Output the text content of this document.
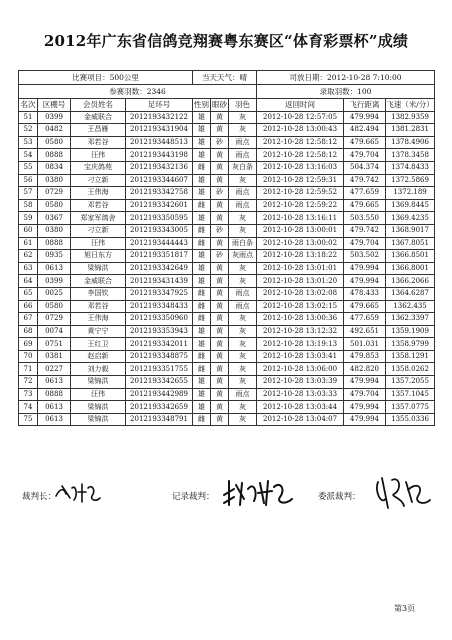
2012年广东省信鸽竞翔赛粤东赛区“体育彩票杯”成绩
比赛项目：500公里				当天天气：晴			司放日期：2012-10-28 7:10:00		
参赛羽数：2346							录取羽数：100		
名次	区棚号	会员姓名	足环号	性别	眼砂	羽色	返回时间	飞行距离	飞速（米/分）
51	0399	金威联合	2012193432122	雄	黄	灰	2012-10-28 12:57:05	479.994	1382.9359
52	0482	王昌雁	2012193431904	雄	黄	灰	2012-10-28 13:00:43	482.494	1381.2831
53	0580	邓若谷	2012193448513	雄	砂	雨点	2012-10-28 12:58:12	479.665	1378.4906
54	0888	汪伟	2012193443198	雄	黄	雨点	2012-10-28 12:58:12	479.704	1378.3458
55	0834	宝庆鸽苑	2012193432136	雌	黄	灰白条	2012-10-28 13:16:03	504.374	1374.8433
56	0380	刁立新	2012193344607	雄	黄	灰	2012-10-28 12:59:31	479.742	1372.5869
57	0729	王伟海	2012193342758	雄	砂	雨点	2012-10-28 12:59:52	477.659	1372.189
58	0580	邓若谷	2012193342601	雌	黄	雨点	2012-10-28 12:59:22	479.665	1369.8445
59	0367	郑家军鸽舍	2012193350595	雄	黄	灰	2012-10-28 13:16:11	503.550	1369.4235
60	0380	刁立新	2012193343005	雌	砂	灰	2012-10-28 13:00:01	479.742	1368.9017
61	0888	汪伟	2012193444443	雌	黄	雨白条	2012-10-28 13:00:02	479.704	1367.8051
62	0935	旭日东方	2012193351817	雄	砂	灰雨点	2012-10-28 13:18:22	503.502	1366.8501
63	0613	梁锦洪	2012193342649	雄	黄	灰	2012-10-28 13:01:01	479.994	1366.8001
64	0399	金威联合	2012193431439	雄	黄	灰	2012-10-28 13:01:20	479.994	1366.2066
65	0025	李国钦	2012193347925	雌	黄	雨点	2012-10-28 13:02:08	478.433	1364.6287
66	0580	邓若谷	2012193348433	雌	黄	雨点	2012-10-28 13:02:15	479.665	1362.435
67	0729	王伟海	2012193350960	雌	黄	灰	2012-10-28 13:00:36	477.659	1362.3397
68	0074	黄宁宁	2012193353943	雄	黄	灰	2012-10-28 13:12:32	492.651	1359.1909
69	0751	王红卫	2012193342011	雄	黄	灰	2012-10-28 13:19:13	501.031	1358.9799
70	0381	赵启新	2012193348875	雌	黄	灰	2012-10-28 13:03:41	479.853	1358.1291
71	0227	刘力毅	2012193351755	雌	黄	灰	2012-10-28 13:06:00	482.820	1358.0262
72	0613	梁锦洪	2012193342655	雄	黄	灰	2012-10-28 13:03:39	479.994	1357.2055
73	0888	汪伟	2012193442989	雄	黄	雨点	2012-10-28 13:03:33	479.704	1357.1045
74	0613	梁锦洪	2012193342659	雄	黄	灰	2012-10-28 13:03:44	479.994	1357.0775
75	0613	梁锦洪	2012193348791	雌	黄	灰	2012-10-28 13:04:07	479.994	1355.0336
裁判长：	记录裁判：	委派裁判：
第3页
